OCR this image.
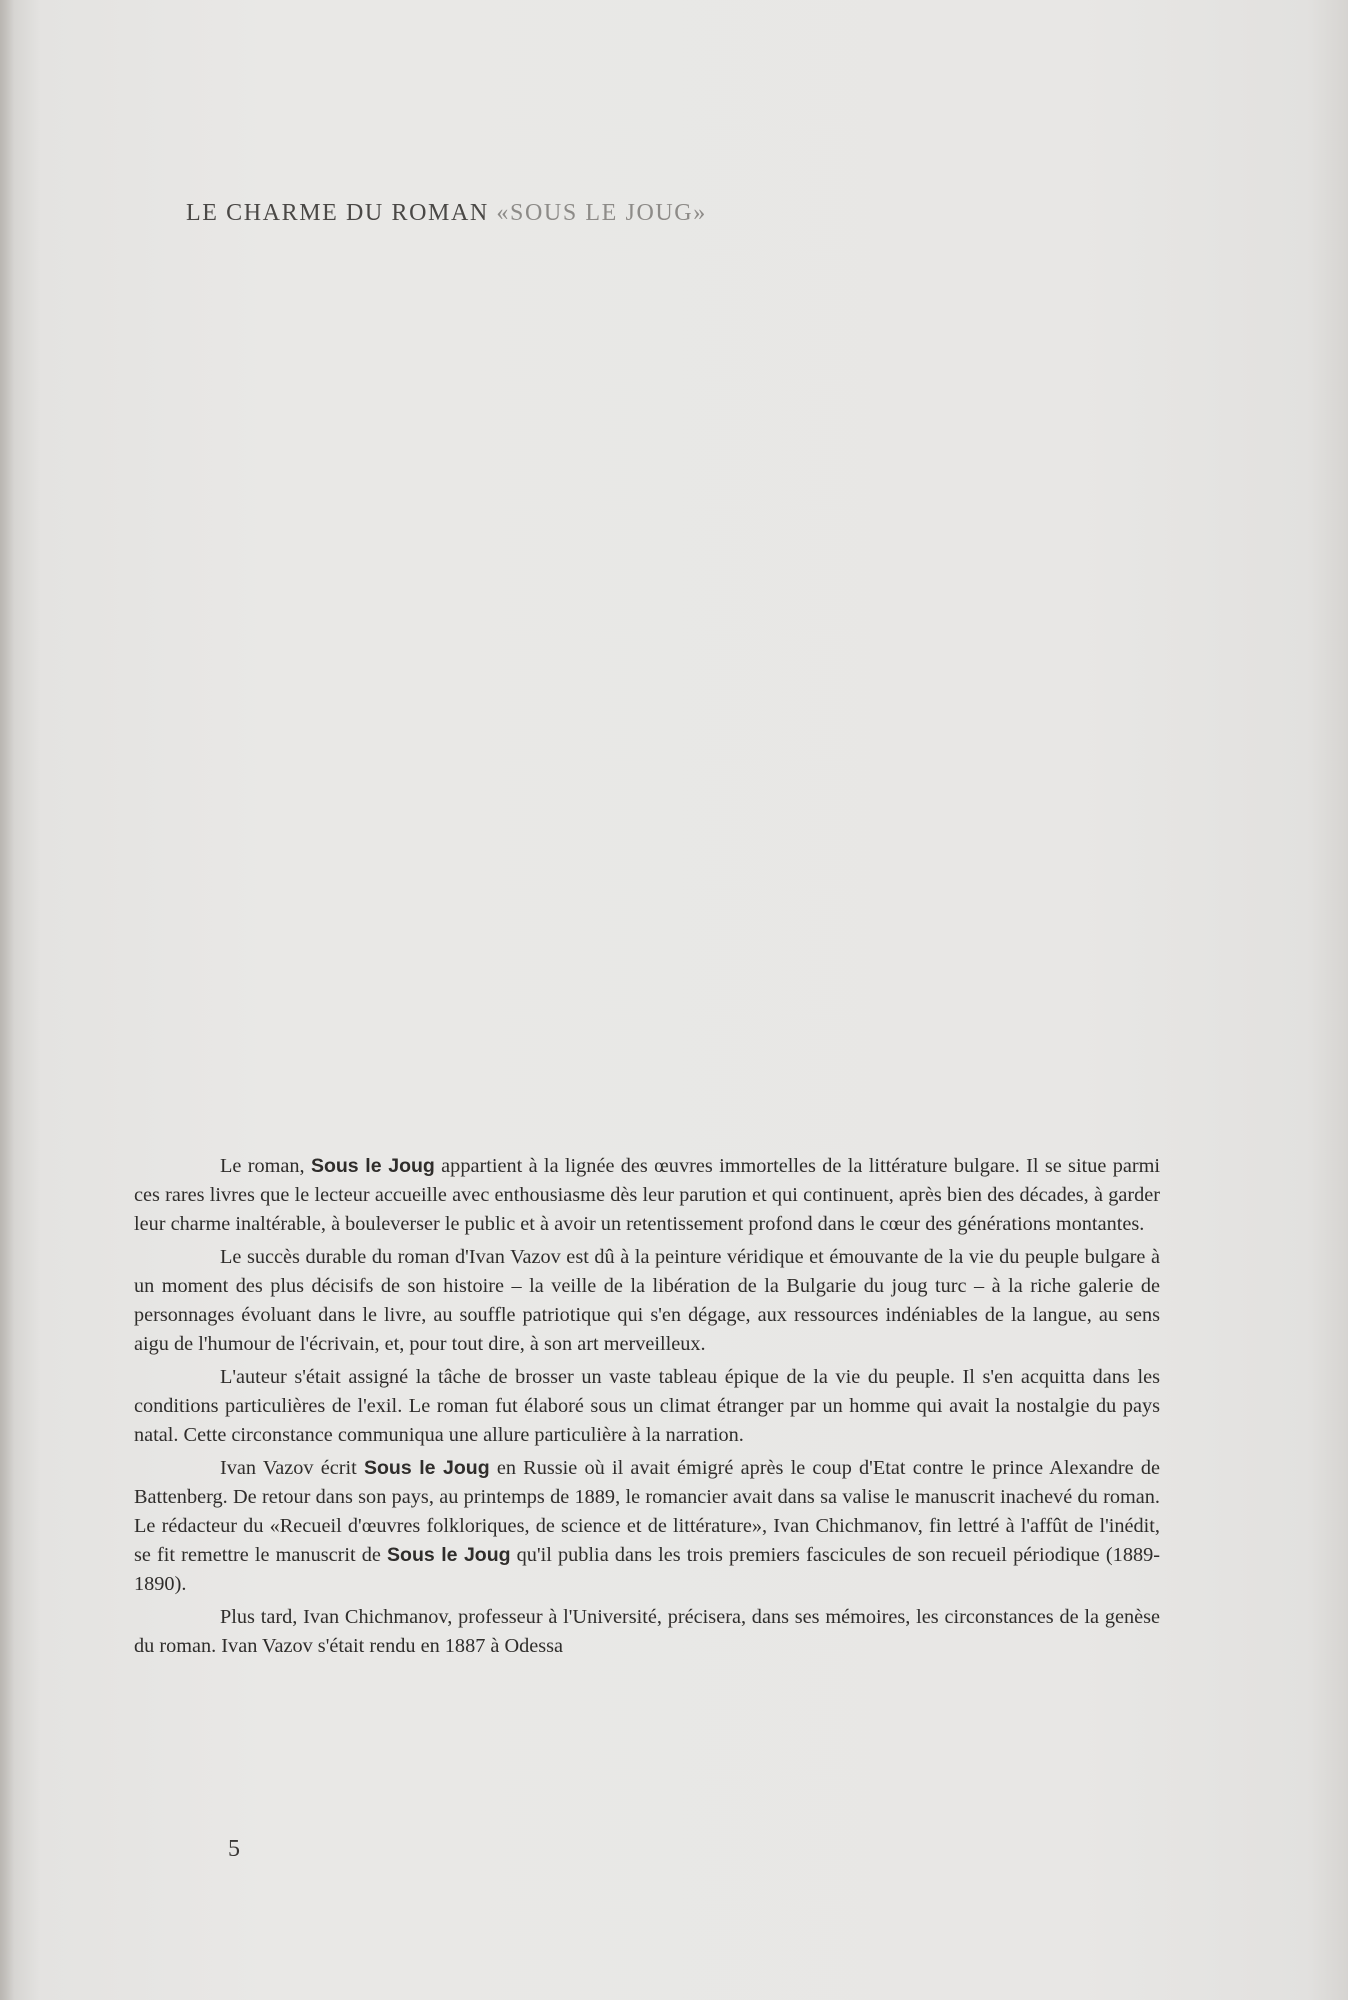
LE CHARME DU ROMAN «SOUS LE JOUG»

Le roman, Sous le Joug appartient à la lignée des œuvres immortelles de la littérature bulgare. Il se situe parmi ces rares livres que le lecteur accueille avec enthousiasme dès leur parution et qui continuent, après bien des décades, à garder leur charme inaltérable, à bouleverser le public et à avoir un retentissement profond dans le cœur des générations montantes.

Le succès durable du roman d'Ivan Vazov est dû à la peinture véridique et émouvante de la vie du peuple bulgare à un moment des plus décisifs de son histoire – la veille de la libération de la Bulgarie du joug turc – à la riche galerie de personnages évoluant dans le livre, au souffle patriotique qui s'en dégage, aux ressources indéniables de la langue, au sens aigu de l'humour de l'écrivain, et, pour tout dire, à son art merveilleux.

L'auteur s'était assigné la tâche de brosser un vaste tableau épique de la vie du peuple. Il s'en acquitta dans les conditions particulières de l'exil. Le roman fut élaboré sous un climat étranger par un homme qui avait la nostalgie du pays natal. Cette circonstance communiqua une allure particulière à la narration.

Ivan Vazov écrit Sous le Joug en Russie où il avait émigré après le coup d'Etat contre le prince Alexandre de Battenberg. De retour dans son pays, au printemps de 1889, le romancier avait dans sa valise le manuscrit inachevé du roman. Le rédacteur du «Recueil d'œuvres folkloriques, de science et de littérature», Ivan Chichmanov, fin lettré à l'affût de l'inédit, se fit remettre le manuscrit de Sous le Joug qu'il publia dans les trois premiers fascicules de son recueil périodique (1889-1890).

Plus tard, Ivan Chichmanov, professeur à l'Université, précisera, dans ses mémoires, les circonstances de la genèse du roman. Ivan Vazov s'était rendu en 1887 à Odessa

5
